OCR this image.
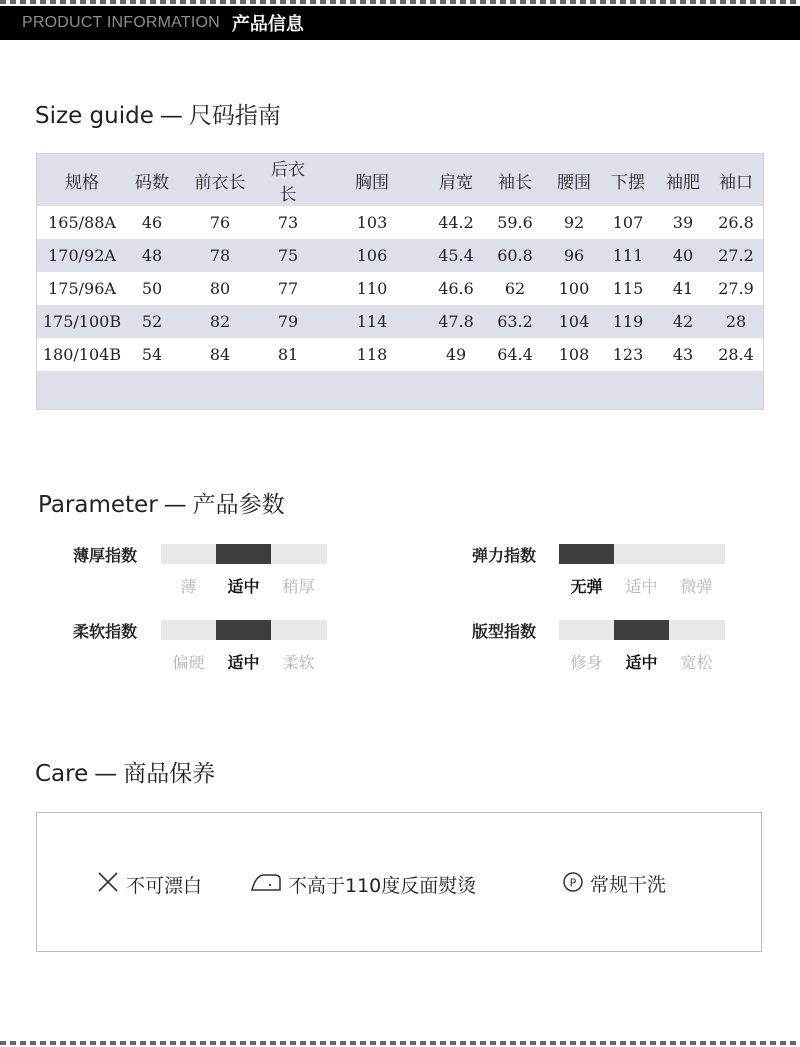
PRODUCT INFORMATION 产品信息
Size guide — 尺码指南
规格	码数	前衣长	后衣长	胸围	肩宽	袖长	腰围	下摆	袖肥	袖口
165/88A	46	76	73	103	44.2	59.6	92	107	39	26.8
170/92A	48	78	75	106	45.4	60.8	96	111	40	27.2
175/96A	50	80	77	110	46.6	62	100	115	41	27.9
175/100B	52	82	79	114	47.8	63.2	104	119	42	28
180/104B	54	84	81	118	49	64.4	108	123	43	28.4
Parameter — 产品参数
薄厚指数
薄	适中	稍厚
弹力指数
无弹	适中	微弹
柔软指数
偏硬	适中	柔软
版型指数
修身	适中	宽松
Care — 商品保养
不可漂白	不高于110度反面熨烫	P 常规干洗
